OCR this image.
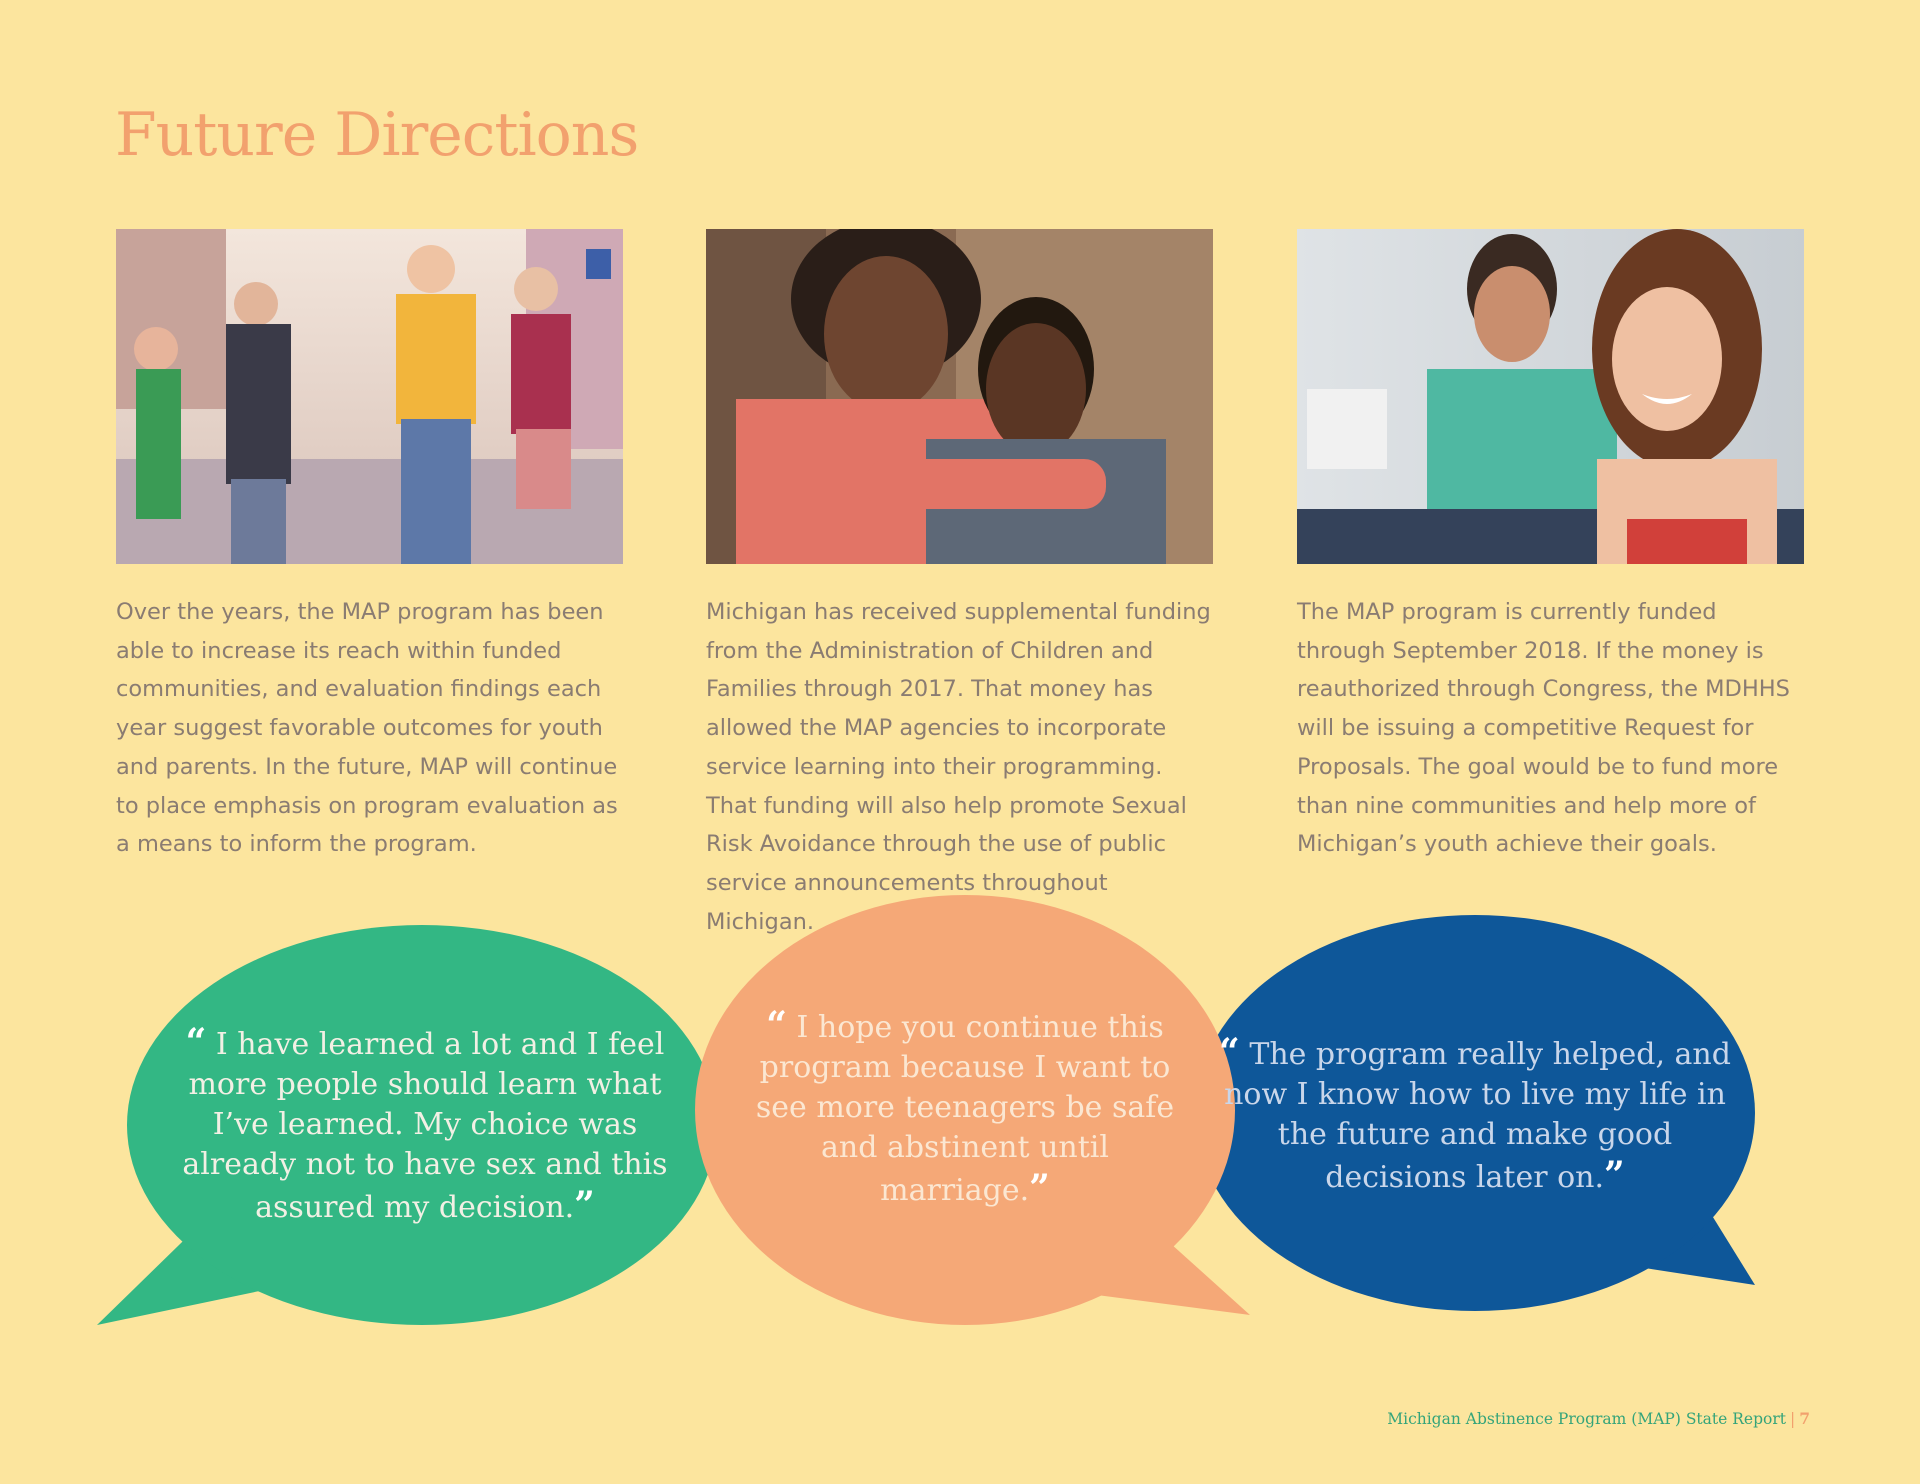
Future Directions

Over the years, the MAP program has been able to increase its reach within funded communities, and evaluation findings each year suggest favorable outcomes for youth and parents. In the future, MAP will continue to place emphasis on program evaluation as a means to inform the program.

Michigan has received supplemental funding from the Administration of Children and Families through 2017. That money has allowed the MAP agencies to incorporate service learning into their programming. That funding will also help promote Sexual Risk Avoidance through the use of public service announcements throughout Michigan.

The MAP program is currently funded through September 2018. If the money is reauthorized through Congress, the MDHHS will be issuing a competitive Request for Proposals. The goal would be to fund more than nine communities and help more of Michigan’s youth achieve their goals.

“ I have learned a lot and I feel more people should learn what I’ve learned. My choice was already not to have sex and this assured my decision.”

“ I hope you continue this program because I want to see more teenagers be safe and abstinent until marriage.”

“ The program really helped, and now I know how to live my life in the future and make good decisions later on.”

Michigan Abstinence Program (MAP) State Report | 7
